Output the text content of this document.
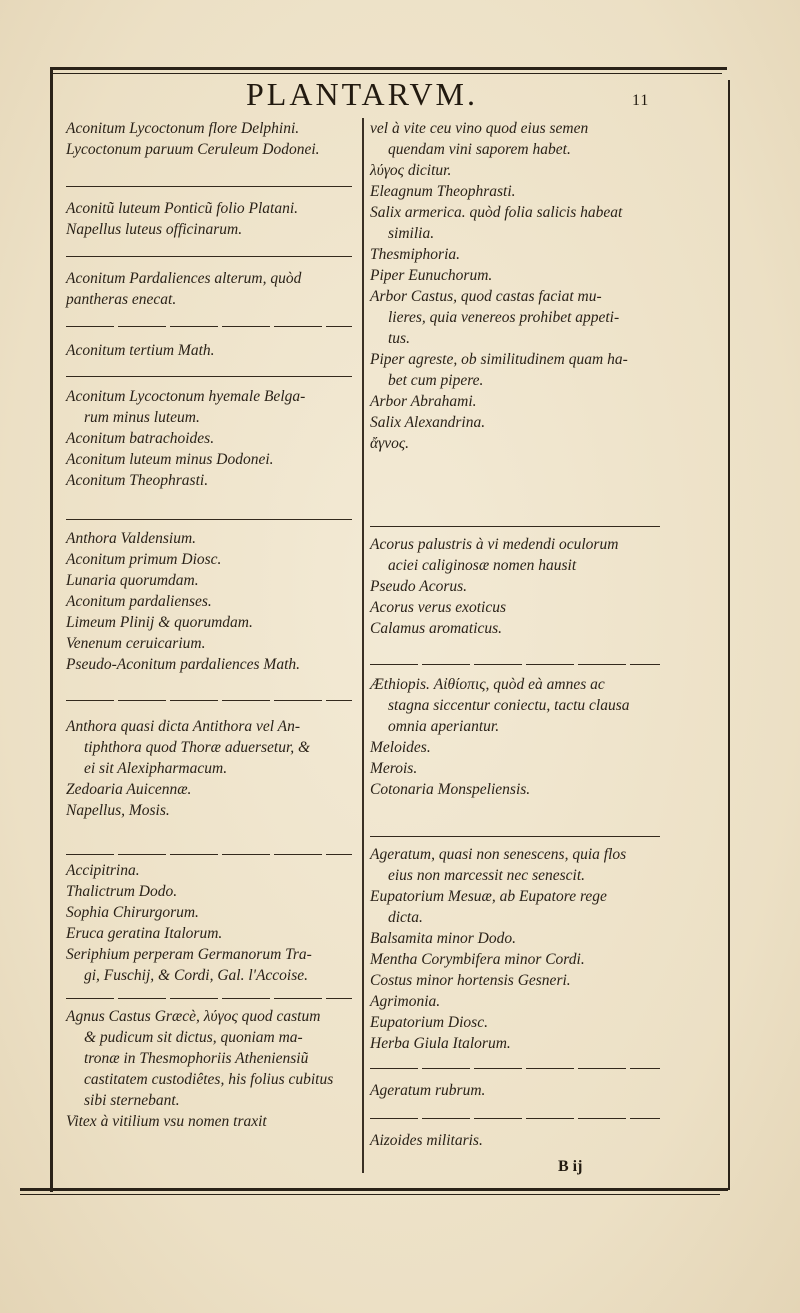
PLANTARVM.	11
Aconitum Lycoctonum flore Delphini.
Lycoctonum paruum Ceruleum Dodonei.
Aconitũ luteum Ponticũ folio Platani.
Napellus luteus officinarum.
Aconitum Pardaliences alterum, quòd
pantheras enecat.
Aconitum tertium Math.
Aconitum Lycoctonum hyemale Belga-
rum minus luteum.
Aconitum batrachoides.
Aconitum luteum minus Dodonei.
Aconitum Theophrasti.
Anthora Valdensium.
Aconitum primum Diosc.
Lunaria quorumdam.
Aconitum pardalienses.
Limeum Plinij & quorumdam.
Venenum ceruicarium.
Pseudo-Aconitum pardaliences Math.
Anthora quasi dicta Antithora vel An-
tiphthora quod Thoræ aduersetur, &
ei sit Alexipharmacum.
Zedoaria Auicennæ.
Napellus, Mosis.
Accipitrina.
Thalictrum Dodo.
Sophia Chirurgorum.
Eruca geratina Italorum.
Seriphium perperam Germanorum Tra-
gi, Fuschij, & Cordi, Gal. l'Accoise.
Agnus Castus Græcè, λύγος quod castum
& pudicum sit dictus, quoniam ma-
tronæ in Thesmophoriis Atheniensiũ
castitatem custodiêtes, his folius cubitus
sibi sternebant.
Vitex à vitilium vsu nomen traxit
vel à vite ceu vino quod eius semen
quendam vini saporem habet.
λύγος dicitur.
Eleagnum Theophrasti.
Salix armerica. quòd folia salicis habeat
similia.
Thesmiphoria.
Piper Eunuchorum.
Arbor Castus, quod castas faciat mu-
lieres, quia venereos prohibet appeti-
tus.
Piper agreste, ob similitudinem quam ha-
bet cum pipere.
Arbor Abrahami.
Salix Alexandrina.
ἄγνος.
Acorus palustris à vi medendi oculorum
aciei caliginosæ nomen hausit
Pseudo Acorus.
Acorus verus exoticus
Calamus aromaticus.
Æthiopis. Αἰθίοπις, quòd eà amnes ac
stagna siccentur coniectu, tactu clausa
omnia aperiantur.
Meloides.
Merois.
Cotonaria Monspeliensis.
Ageratum, quasi non senescens, quia flos
eius non marcessit nec senescit.
Eupatorium Mesuæ, ab Eupatore rege
dicta.
Balsamita minor Dodo.
Mentha Corymbifera minor Cordi.
Costus minor hortensis Gesneri.
Agrimonia.
Eupatorium Diosc.
Herba Giula Italorum.
Ageratum rubrum.
Aizoides militaris.
B ij
